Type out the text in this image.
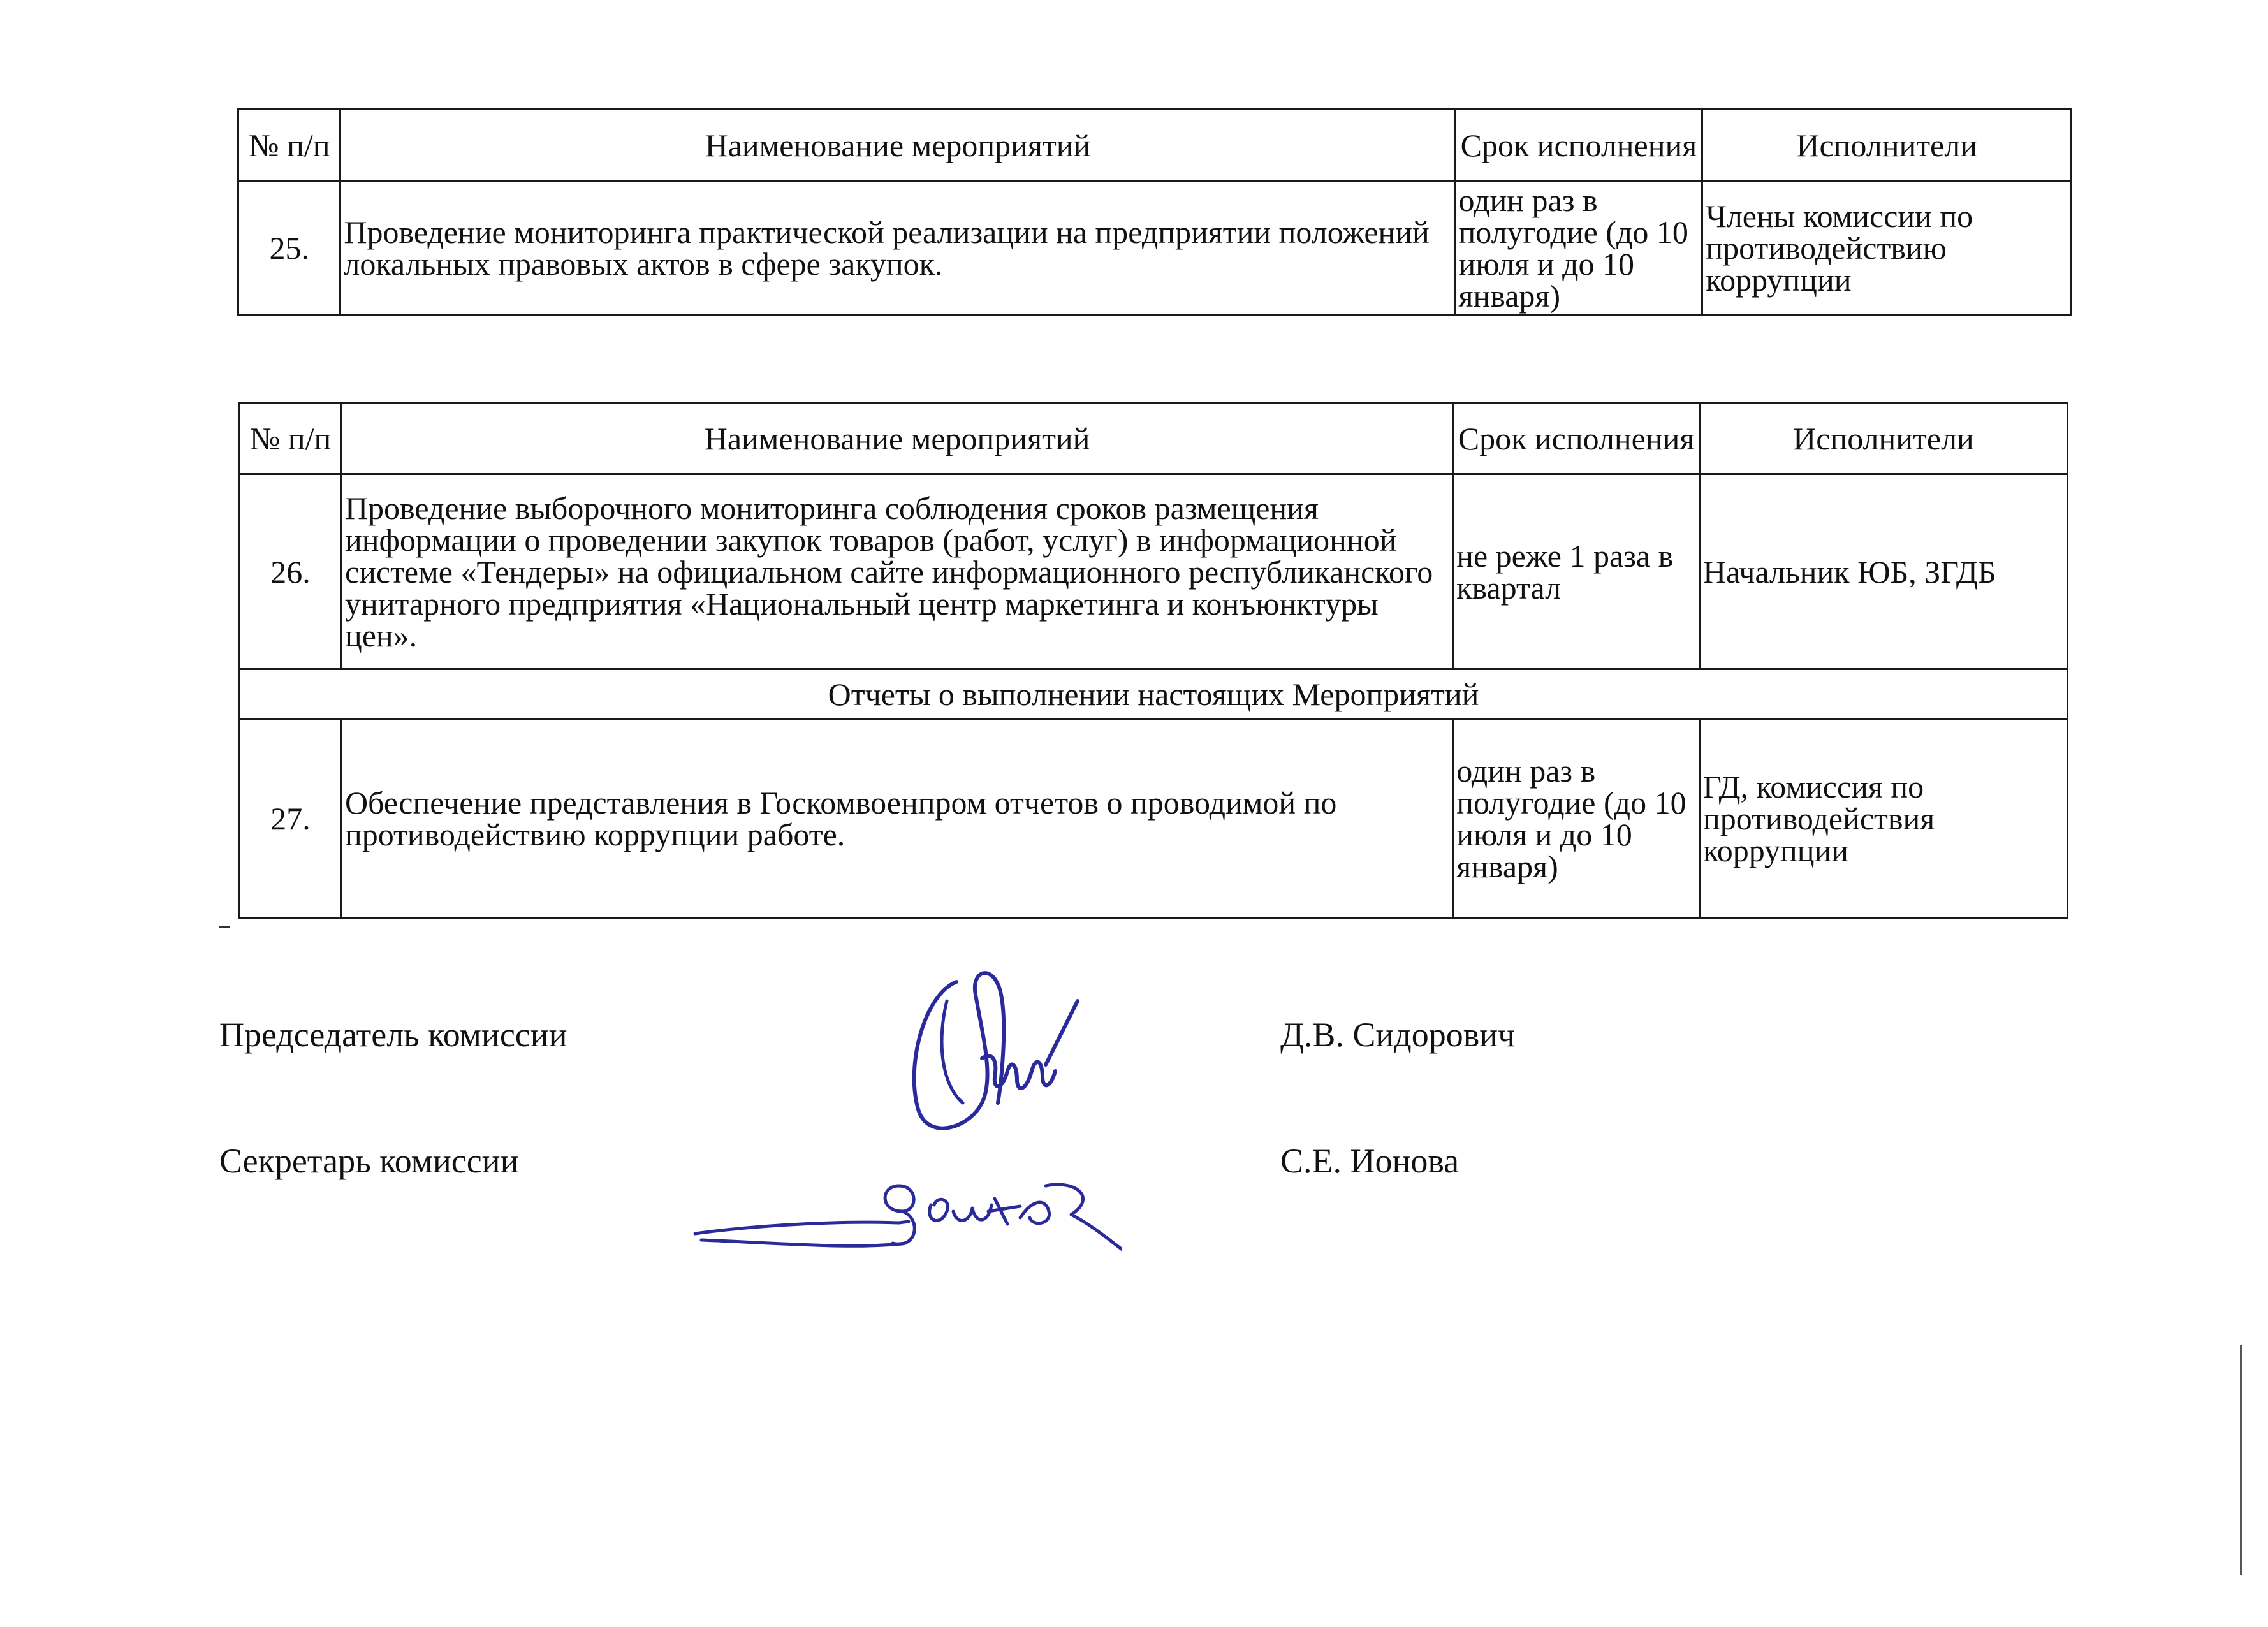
№ п/п	Наименование мероприятий	Срок исполнения	Исполнители
25.	Проведение мониторинга практической реализации на предприятии положений локальных правовых актов в сфере закупок.	один раз в полугодие (до 10 июля и до 10 января)	Члены комиссии по противодействию коррупции
№ п/п	Наименование мероприятий	Срок исполнения	Исполнители
26.	Проведение выборочного мониторинга соблюдения сроков размещения информации о проведении закупок товаров (работ, услуг) в информационной системе «Тендеры» на официальном сайте информационного республиканского унитарного предприятия «Национальный центр маркетинга и конъюнктуры цен».	не реже 1 раза в квартал	Начальник ЮБ, ЗГДБ
Отчеты о выполнении настоящих Мероприятий			
27.	Обеспечение представления в Госкомвоенпром отчетов о проводимой по противодействию коррупции работе.	один раз в полугодие (до 10 июля и до 10 января)	ГД, комиссия по противодействия коррупции
Председатель комиссии	Д.В. Сидорович
Секретарь комиссии	С.Е. Ионова
